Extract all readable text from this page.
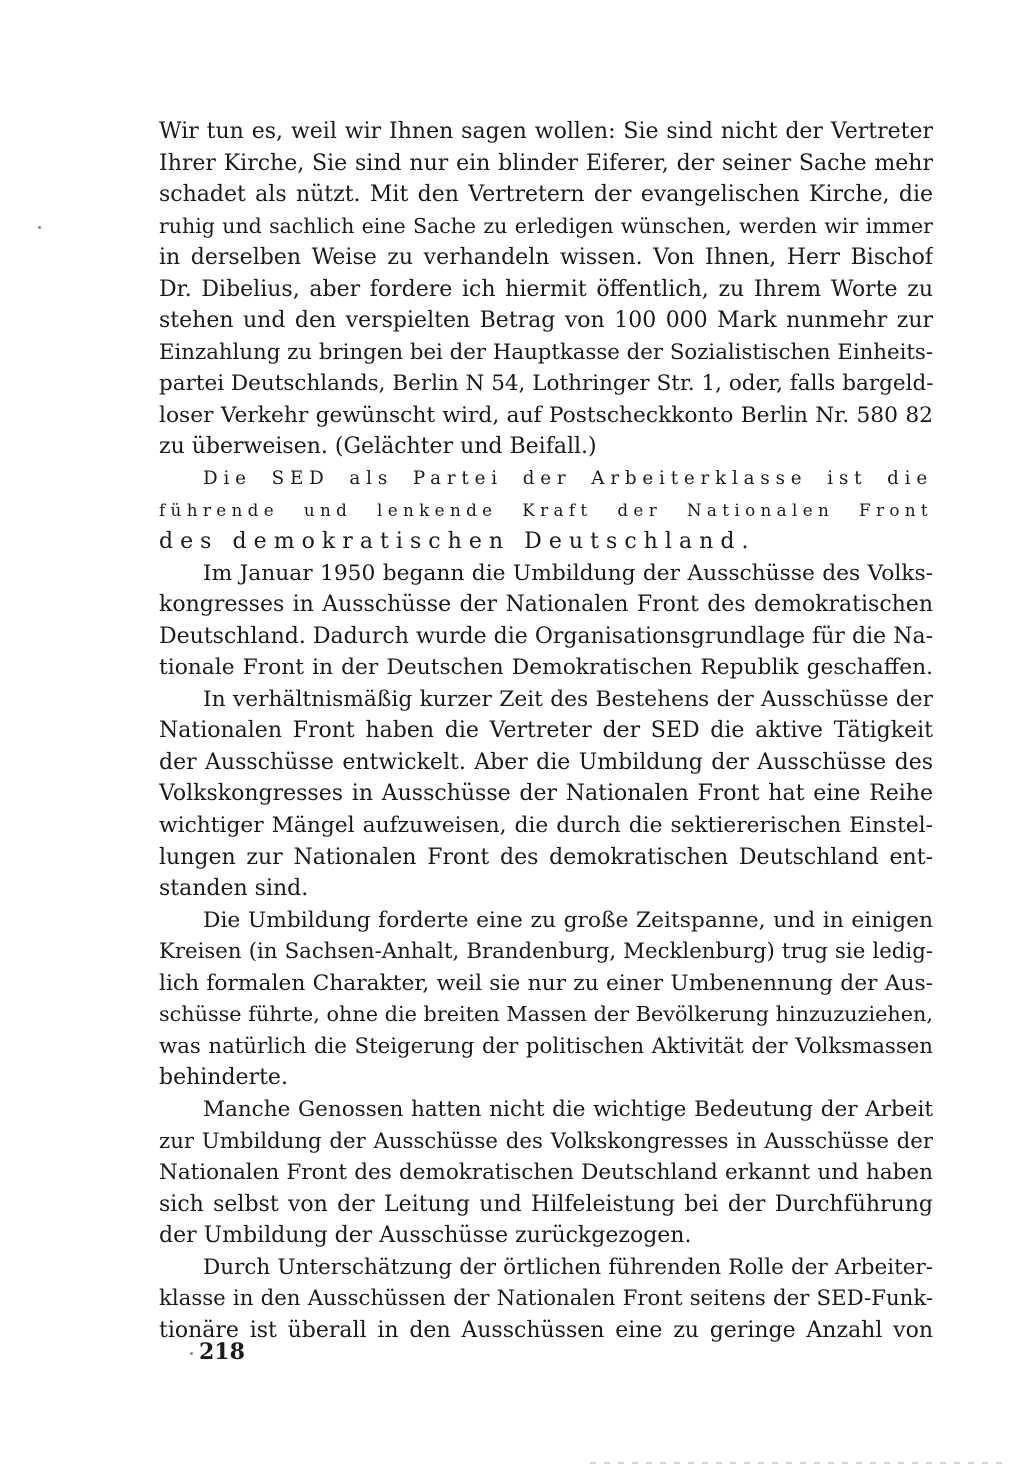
Wir tun es, weil wir Ihnen sagen wollen: Sie sind nicht der Vertreter
Ihrer Kirche, Sie sind nur ein blinder Eiferer, der seiner Sache mehr
schadet als nützt. Mit den Vertretern der evangelischen Kirche, die
ruhig und sachlich eine Sache zu erledigen wünschen, werden wir immer
in derselben Weise zu verhandeln wissen. Von Ihnen, Herr Bischof
Dr. Dibelius, aber fordere ich hiermit öffentlich, zu Ihrem Worte zu
stehen und den verspielten Betrag von 100 000 Mark nunmehr zur
Einzahlung zu bringen bei der Hauptkasse der Sozialistischen Einheits-
partei Deutschlands, Berlin N 54, Lothringer Str. 1, oder, falls bargeld-
loser Verkehr gewünscht wird, auf Postscheckkonto Berlin Nr. 580 82
zu überweisen. (Gelächter und Beifall.)
Die SED als Partei der Arbeiterklasse ist die
führende und lenkende Kraft der Nationalen Front
des demokratischen Deutschland.
Im Januar 1950 begann die Umbildung der Ausschüsse des Volks-
kongresses in Ausschüsse der Nationalen Front des demokratischen
Deutschland. Dadurch wurde die Organisationsgrundlage für die Na-
tionale Front in der Deutschen Demokratischen Republik geschaffen.
In verhältnismäßig kurzer Zeit des Bestehens der Ausschüsse der
Nationalen Front haben die Vertreter der SED die aktive Tätigkeit
der Ausschüsse entwickelt. Aber die Umbildung der Ausschüsse des
Volkskongresses in Ausschüsse der Nationalen Front hat eine Reihe
wichtiger Mängel aufzuweisen, die durch die sektiererischen Einstel-
lungen zur Nationalen Front des demokratischen Deutschland ent-
standen sind.
Die Umbildung forderte eine zu große Zeitspanne, und in einigen
Kreisen (in Sachsen-Anhalt, Brandenburg, Mecklenburg) trug sie ledig-
lich formalen Charakter, weil sie nur zu einer Umbenennung der Aus-
schüsse führte, ohne die breiten Massen der Bevölkerung hinzuzuziehen,
was natürlich die Steigerung der politischen Aktivität der Volksmassen
behinderte.
Manche Genossen hatten nicht die wichtige Bedeutung der Arbeit
zur Umbildung der Ausschüsse des Volkskongresses in Ausschüsse der
Nationalen Front des demokratischen Deutschland erkannt und haben
sich selbst von der Leitung und Hilfeleistung bei der Durchführung
der Umbildung der Ausschüsse zurückgezogen.
Durch Unterschätzung der örtlichen führenden Rolle der Arbeiter-
klasse in den Ausschüssen der Nationalen Front seitens der SED-Funk-
tionäre ist überall in den Ausschüssen eine zu geringe Anzahl von
218
